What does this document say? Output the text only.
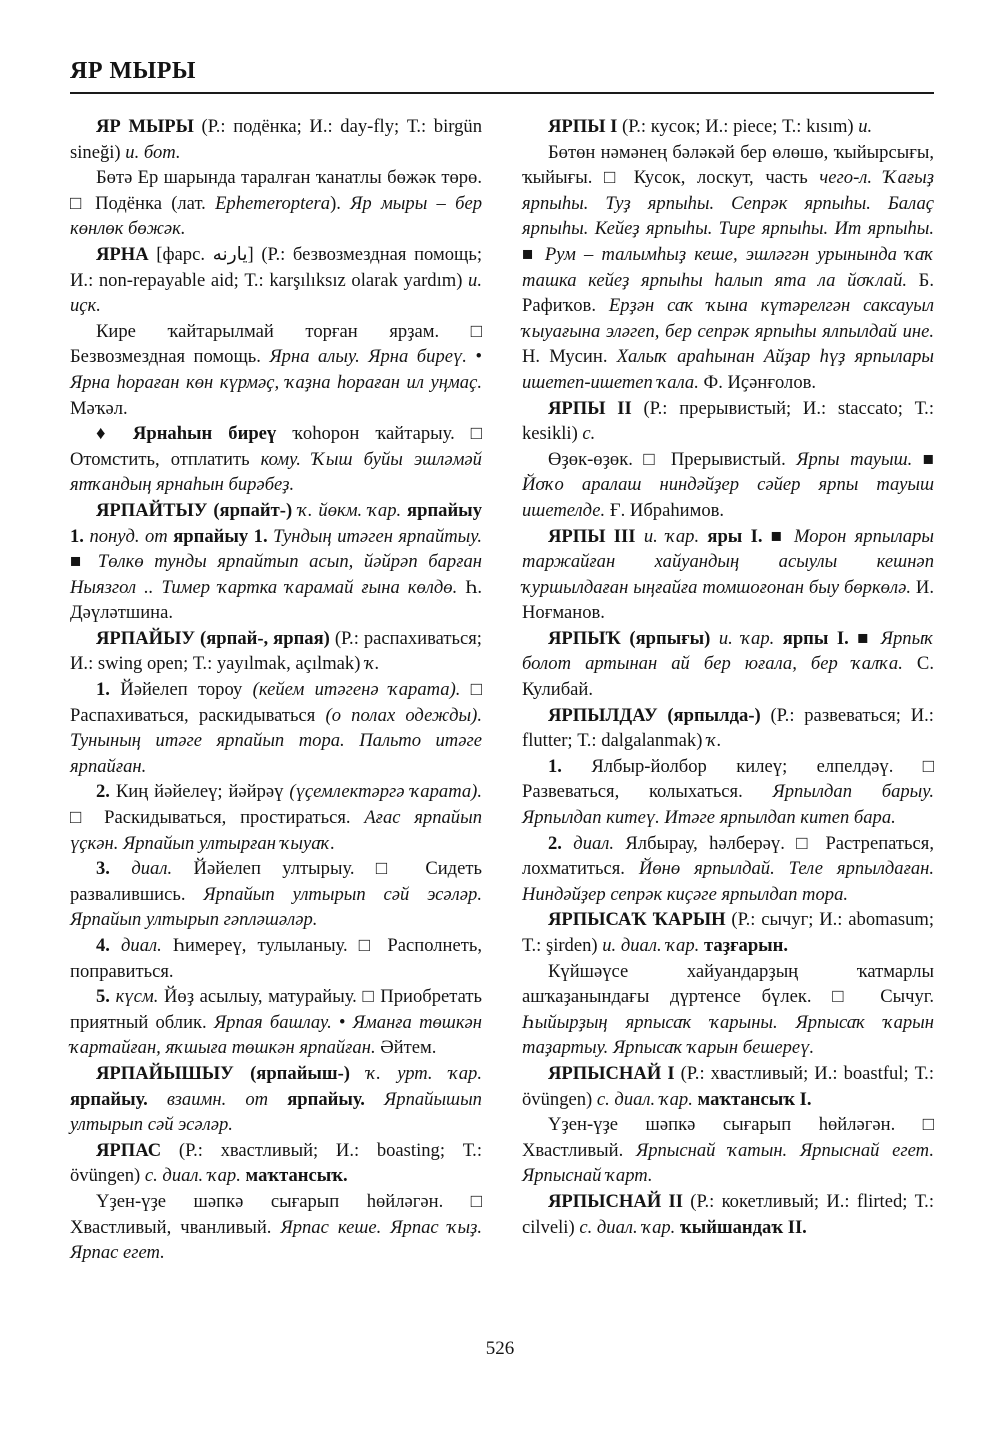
ЯР МЫРЫ

ЯР МЫРЫ (Р.: подёнка; И.: day-fly; Т.: birgün sineği) и. бот.

Бөтә Ер шарында таралған ҡанатлы бөжәк төрө. □ Подёнка (лат. Ephemeroptera). Яр мыры – бер көнлөк бөжәк.

ЯРНА [фарс. ﻳﺎﺭﻧﻪ] (Р.: безвозмездная помощь; И.: non-repayable aid; Т.: karşılıksız olarak yardım) и. иҫк.

Кире ҡайтарылмай торған ярҙам. □ Безвозмездная помощь. Ярна алыу. Ярна биреү. • Ярна һораған көн күрмәҫ, ҡаҙна һораған ил уңмаҫ. Мәҡәл.

♦ Ярнаһын биреү ҡоһорон ҡайтарыу. □ Отомстить, отплатить кому. Ҡыш буйы эшләмәй ятҡандың ярнаһын бирәбеҙ.

ЯРПАЙТЫУ (ярпайт-) ҡ. йөкм. ҡар. ярпайыу 1. понуд. от ярпайыу 1. Тундың итәген ярпайтыу. ■ Төлкө тунды ярпайтып асып, йәйрәп барған Ныязгол .. Тимер ҡартка ҡарамай ғына көлдө. Һ. Дәүләтшина.

ЯРПАЙЫУ (ярпай-, ярпая) (Р.: распахиваться; И.: swing open; Т.: yayılmak, açılmak) ҡ.

1. Йәйелеп тороу (кейем итәгенә ҡарата). □ Распахиваться, раскидываться (о полах одежды). Тунының итәге ярпайып тора. Пальто итәге ярпайған.

2. Киң йәйелеү; йәйрәү (үҫемлектәргә ҡарата). □ Раскидываться, простираться. Ағас ярпайып үҫкән. Ярпайып ултырған ҡыуаҡ.

3. диал. Йәйелеп ултырыу. □ Сидеть развалившись. Ярпайып ултырып сәй эсәләр. Ярпайып ултырып гәпләшәләр.

4. диал. Һимереү, тулыланыу. □ Располнеть, поправиться.

5. күсм. Йөҙ асылыу, матурайыу. □ Приобретать приятный облик. Ярпая башлау. • Яманға төшкән ҡартайған, яҡшыға төшкән ярпайған. Әйтем.

ЯРПАЙЫШЫУ (ярпайыш-) ҡ. урт. ҡар. ярпайыу. взаимн. от ярпайыу. Ярпайышып ултырып сәй эсәләр.

ЯРПАС (Р.: хвастливый; И.: boasting; Т.: övüngen) с. диал. ҡар. маҡтансыҡ.

Үҙен-үҙе шәпкә сығарып һөйләгән. □ Хвастливый, чванливый. Ярпас кеше. Ярпас ҡыҙ. Ярпас егет.

ЯРПЫ I (Р.: кусок; И.: piece; Т.: kısım) и.

Бөтөн нәмәнең бәләкәй бер өлөшө, ҡыйырсығы, ҡыйығы. □ Кусок, лоскут, часть чего-л. Ҡағыҙ ярпыһы. Туҙ ярпыһы. Сепрәк ярпыһы. Балаҫ ярпыһы. Кейеҙ ярпыһы. Тире ярпыһы. Ит ярпыһы. ■ Рум – талымһыҙ кеше, эшләгән урынында ҡаҡ ташка кейеҙ ярпыһы һалып ята ла йоҡлай. Б. Рафиҡов. Ерҙән саҡ ҡына күтәрелгән саксауыл ҡыуағына эләгеп, бер сепрәк ярпыһы ялпылдай ине. Н. Мусин. Халыҡ араһынан Айҙар һүҙ ярпылары ишетеп-ишетеп ҡала. Ф. Иҫәнғолов.

ЯРПЫ II (Р.: прерывистый; И.: staccato; Т.: kesikli) с.

Өҙөк-өҙөк. □ Прерывистый. Ярпы тауыш. ■ Йоҡо аралаш ниндәйҙер сәйер ярпы тауыш ишетелде. Ғ. Ибраһимов.

ЯРПЫ III и. ҡар. яры I. ■ Морон ярпылары таржайған хайуандың асыулы кешнәп ҡуршылдаған ыңғайға томшоғонан быу бөркөлә. И. Ноғманов.

ЯРПЫҠ (ярпығы) и. ҡар. ярпы I. ■ Ярпыҡ болот артынан ай бер юғала, бер ҡалҡа. С. Кулибай.

ЯРПЫЛДАУ (ярпылда-) (Р.: развеваться; И.: flutter; Т.: dalgalanmak) ҡ.

1. Ялбыр-йолбор килеү; елпелдәү. □ Развеваться, колыхаться. Ярпылдап барыу. Ярпылдап китеү. Итәге ярпылдап китеп бара.

2. диал. Ялбырау, һәлберәү. □ Растрепаться, лохматиться. Йөнө ярпылдай. Теле ярпылдаған. Ниндәйҙер сепрәк киҫәге ярпылдап тора.

ЯРПЫСАҠ ҠАРЫН (Р.: сычуг; И.: abomasum; Т.: şirden) и. диал. ҡар. таҙғарын.

Күйшәүсе хайуандарҙың ҡатмарлы ашҡаҙанындағы дүртенсе бүлек. □ Сычуг. Һыйырҙың ярпысаҡ ҡарыны. Ярпысаҡ ҡарын таҙартыу. Ярпысаҡ ҡарын бешереү.

ЯРПЫСНАЙ I (Р.: хвастливый; И.: boastful; Т.: övüngen) с. диал. ҡар. маҡтансыҡ I.

Үҙен-үҙе шәпкә сығарып һөйләгән. □ Хвастливый. Ярпыснай ҡатын. Ярпыснай егет. Ярпыснай ҡарт.

ЯРПЫСНАЙ II (Р.: кокетливый; И.: flirted; Т.: cilveli) с. диал. ҡар. ҡыйшандаҡ II.

526
